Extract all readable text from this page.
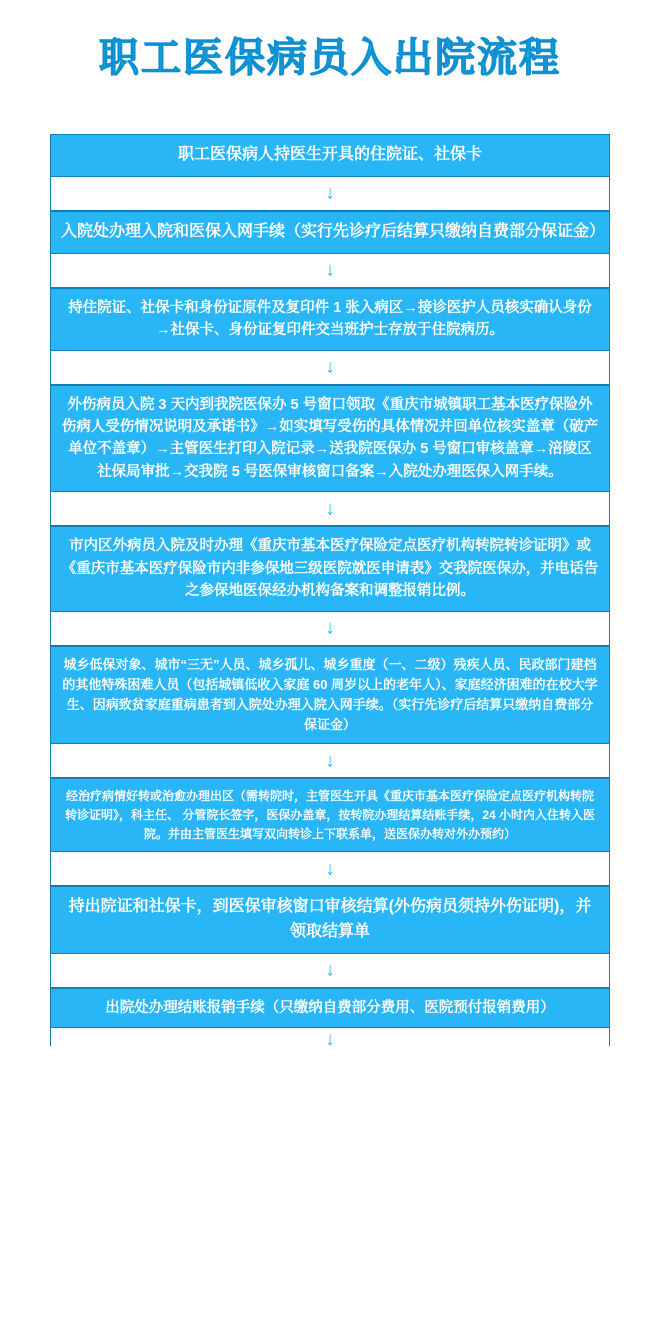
职工医保病员入出院流程
职工医保病人持医生开具的住院证、社保卡
↓
入院处办理入院和医保入网手续（实行先诊疗后结算只缴纳自费部分保证金）
↓
持住院证、社保卡和身份证原件及复印件 1 张入病区→接诊医护人员核实确认身份→社保卡、身份证复印件交当班护士存放于住院病历。
↓
外伤病员入院 3 天内到我院医保办 5 号窗口领取《重庆市城镇职工基本医疗保险外伤病人受伤情况说明及承诺书》→如实填写受伤的具体情况并回单位核实盖章（破产单位不盖章）→主管医生打印入院记录→送我院医保办 5 号窗口审核盖章→涪陵区社保局审批→交我院 5 号医保审核窗口备案→入院处办理医保入网手续。
↓
市内区外病员入院及时办理《重庆市基本医疗保险定点医疗机构转院转诊证明》或《重庆市基本医疗保险市内非参保地三级医院就医申请表》交我院医保办，并电话告之参保地医保经办机构备案和调整报销比例。
↓
城乡低保对象、城市“三无”人员、城乡孤儿、城乡重度（一、二级）残疾人员、民政部门建档的其他特殊困难人员（包括城镇低收入家庭 60 周岁以上的老年人）、家庭经济困难的在校大学生、因病致贫家庭重病患者到入院处办理入院入网手续。（实行先诊疗后结算只缴纳自费部分保证金）
↓
经治疗病情好转或治愈办理出区（需转院时，主管医生开具《重庆市基本医疗保险定点医疗机构转院转诊证明》，科主任、 分管院长签字，医保办盖章，按转院办理结算结账手续，24 小时内入住转入医院。并由主管医生填写双向转诊上下联系单，送医保办转对外办预约）
↓
持出院证和社保卡，到医保审核窗口审核结算(外伤病员须持外伤证明)，并领取结算单
↓
出院处办理结账报销手续（只缴纳自费部分费用、医院预付报销费用）
↓
